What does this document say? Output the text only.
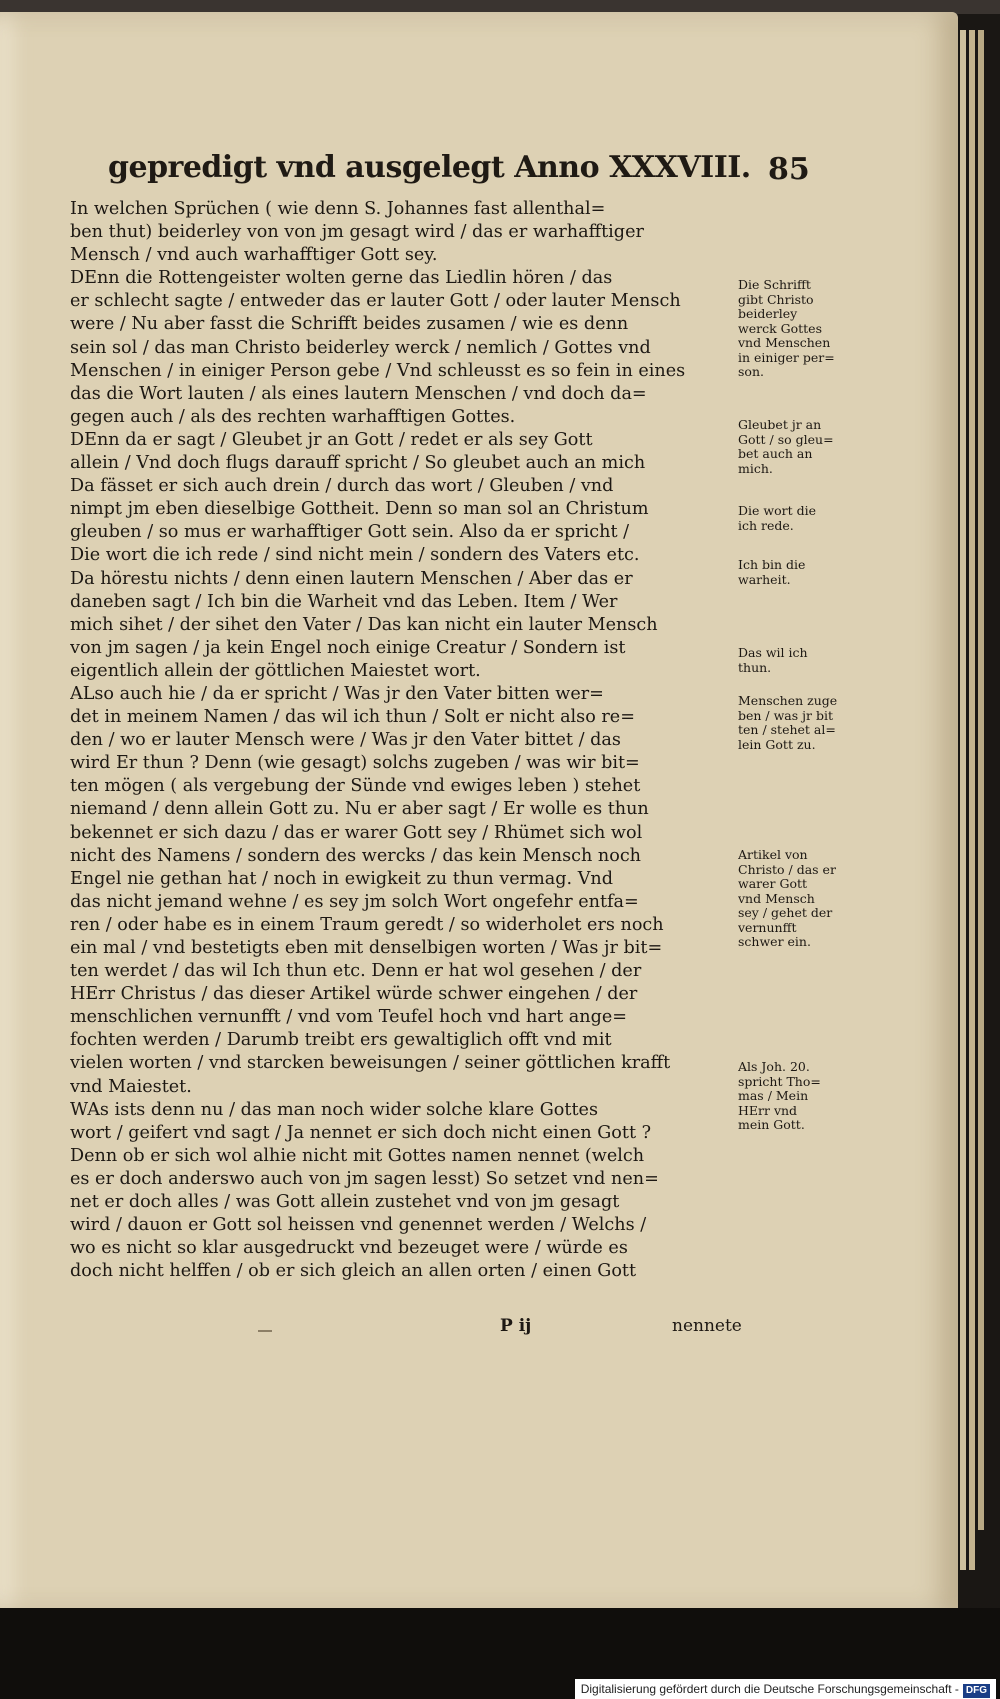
gepredigt vnd ausgelegt Anno XXXVIII. 85
In welchen Sprüchen ( wie denn S. Johannes fast allenthal=
ben thut) beiderley von von jm gesagt wird / das er warhafftiger
Mensch / vnd auch warhafftiger Gott sey.
DEnn die Rottengeister wolten gerne das Liedlin hören / das
er schlecht sagte / entweder das er lauter Gott / oder lauter Mensch
were / Nu aber fasst die Schrifft beides zusamen / wie es denn
sein sol / das man Christo beiderley werck / nemlich / Gottes vnd
Menschen / in einiger Person gebe / Vnd schleusst es so fein in eines
das die Wort lauten / als eines lautern Menschen / vnd doch da=
gegen auch / als des rechten warhafftigen Gottes.
DEnn da er sagt / Gleubet jr an Gott / redet er als sey Gott
allein / Vnd doch flugs darauff spricht / So gleubet auch an mich
Da fässet er sich auch drein / durch das wort / Gleuben / vnd
nimpt jm eben dieselbige Gottheit. Denn so man sol an Christum
gleuben / so mus er warhafftiger Gott sein. Also da er spricht /
Die wort die ich rede / sind nicht mein / sondern des Vaters etc.
Da hörestu nichts / denn einen lautern Menschen / Aber das er
daneben sagt / Ich bin die Warheit vnd das Leben. Item / Wer
mich sihet / der sihet den Vater / Das kan nicht ein lauter Mensch
von jm sagen / ja kein Engel noch einige Creatur / Sondern ist
eigentlich allein der göttlichen Maiestet wort.
ALso auch hie / da er spricht / Was jr den Vater bitten wer=
det in meinem Namen / das wil ich thun / Solt er nicht also re=
den / wo er lauter Mensch were / Was jr den Vater bittet / das
wird Er thun ? Denn (wie gesagt) solchs zugeben / was wir bit=
ten mögen ( als vergebung der Sünde vnd ewiges leben ) stehet
niemand / denn allein Gott zu. Nu er aber sagt / Er wolle es thun
bekennet er sich dazu / das er warer Gott sey / Rhümet sich wol
nicht des Namens / sondern des wercks / das kein Mensch noch
Engel nie gethan hat / noch in ewigkeit zu thun vermag. Vnd
das nicht jemand wehne / es sey jm solch Wort ongefehr entfa=
ren / oder habe es in einem Traum geredt / so widerholet ers noch
ein mal / vnd bestetigts eben mit denselbigen worten / Was jr bit=
ten werdet / das wil Ich thun etc. Denn er hat wol gesehen / der
HErr Christus / das dieser Artikel würde schwer eingehen / der
menschlichen vernunfft / vnd vom Teufel hoch vnd hart ange=
fochten werden / Darumb treibt ers gewaltiglich offt vnd mit
vielen worten / vnd starcken beweisungen / seiner göttlichen krafft
vnd Maiestet.
WAs ists denn nu / das man noch wider solche klare Gottes
wort / geifert vnd sagt / Ja nennet er sich doch nicht einen Gott ?
Denn ob er sich wol alhie nicht mit Gottes namen nennet (welch
es er doch anderswo auch von jm sagen lesst) So setzet vnd nen=
net er doch alles / was Gott allein zustehet vnd von jm gesagt
wird / dauon er Gott sol heissen vnd genennet werden / Welchs /
wo es nicht so klar ausgedruckt vnd bezeuget were / würde es
doch nicht helffen / ob er sich gleich an allen orten / einen Gott
Die Schrifft
gibt Christo
beiderley
werck Gottes
vnd Menschen
in einiger per=
son.
Gleubet jr an
Gott / so gleu=
bet auch an
mich.
Die wort die
ich rede.
Ich bin die
warheit.
Das wil ich
thun.
Menschen zuge
ben / was jr bit
ten / stehet al=
lein Gott zu.
Artikel von
Christo / das er
warer Gott
vnd Mensch
sey / gehet der
vernunfft
schwer ein.
Als Joh. 20.
spricht Tho=
mas / Mein
HErr vnd
mein Gott.
P ij	nennete
Digitalisierung gefördert durch die Deutsche Forschungsgemeinschaft - DFG
